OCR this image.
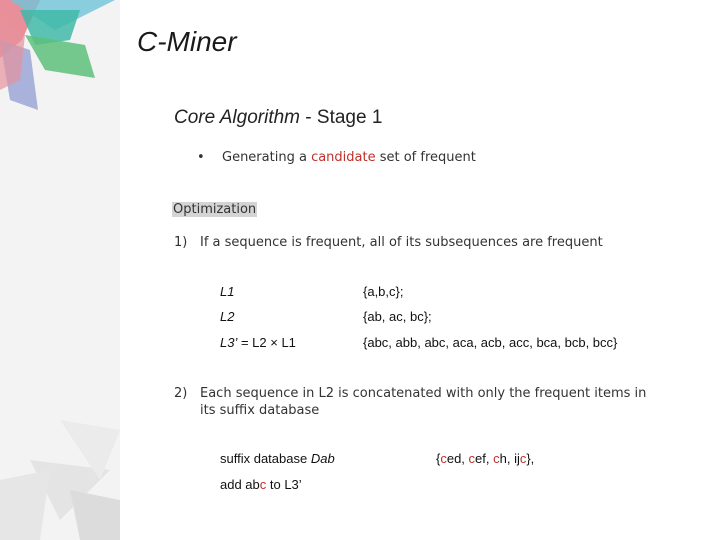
C-Miner
Core Algorithm - Stage 1
• Generating a candidate set of frequent
Optimization
1) If a sequence is frequent, all of its subsequences are frequent
L1	{a,b,c};
L2	{ab, ac, bc};
L3’ = L2 × L1	{abc, abb, abc, aca, acb, acc, bca, bcb, bcc}
2) Each sequence in L2 is concatenated with only the frequent items in
its suffix database
suffix database Dab	{ced, cef, ch, ijc},
add abc to L3’
